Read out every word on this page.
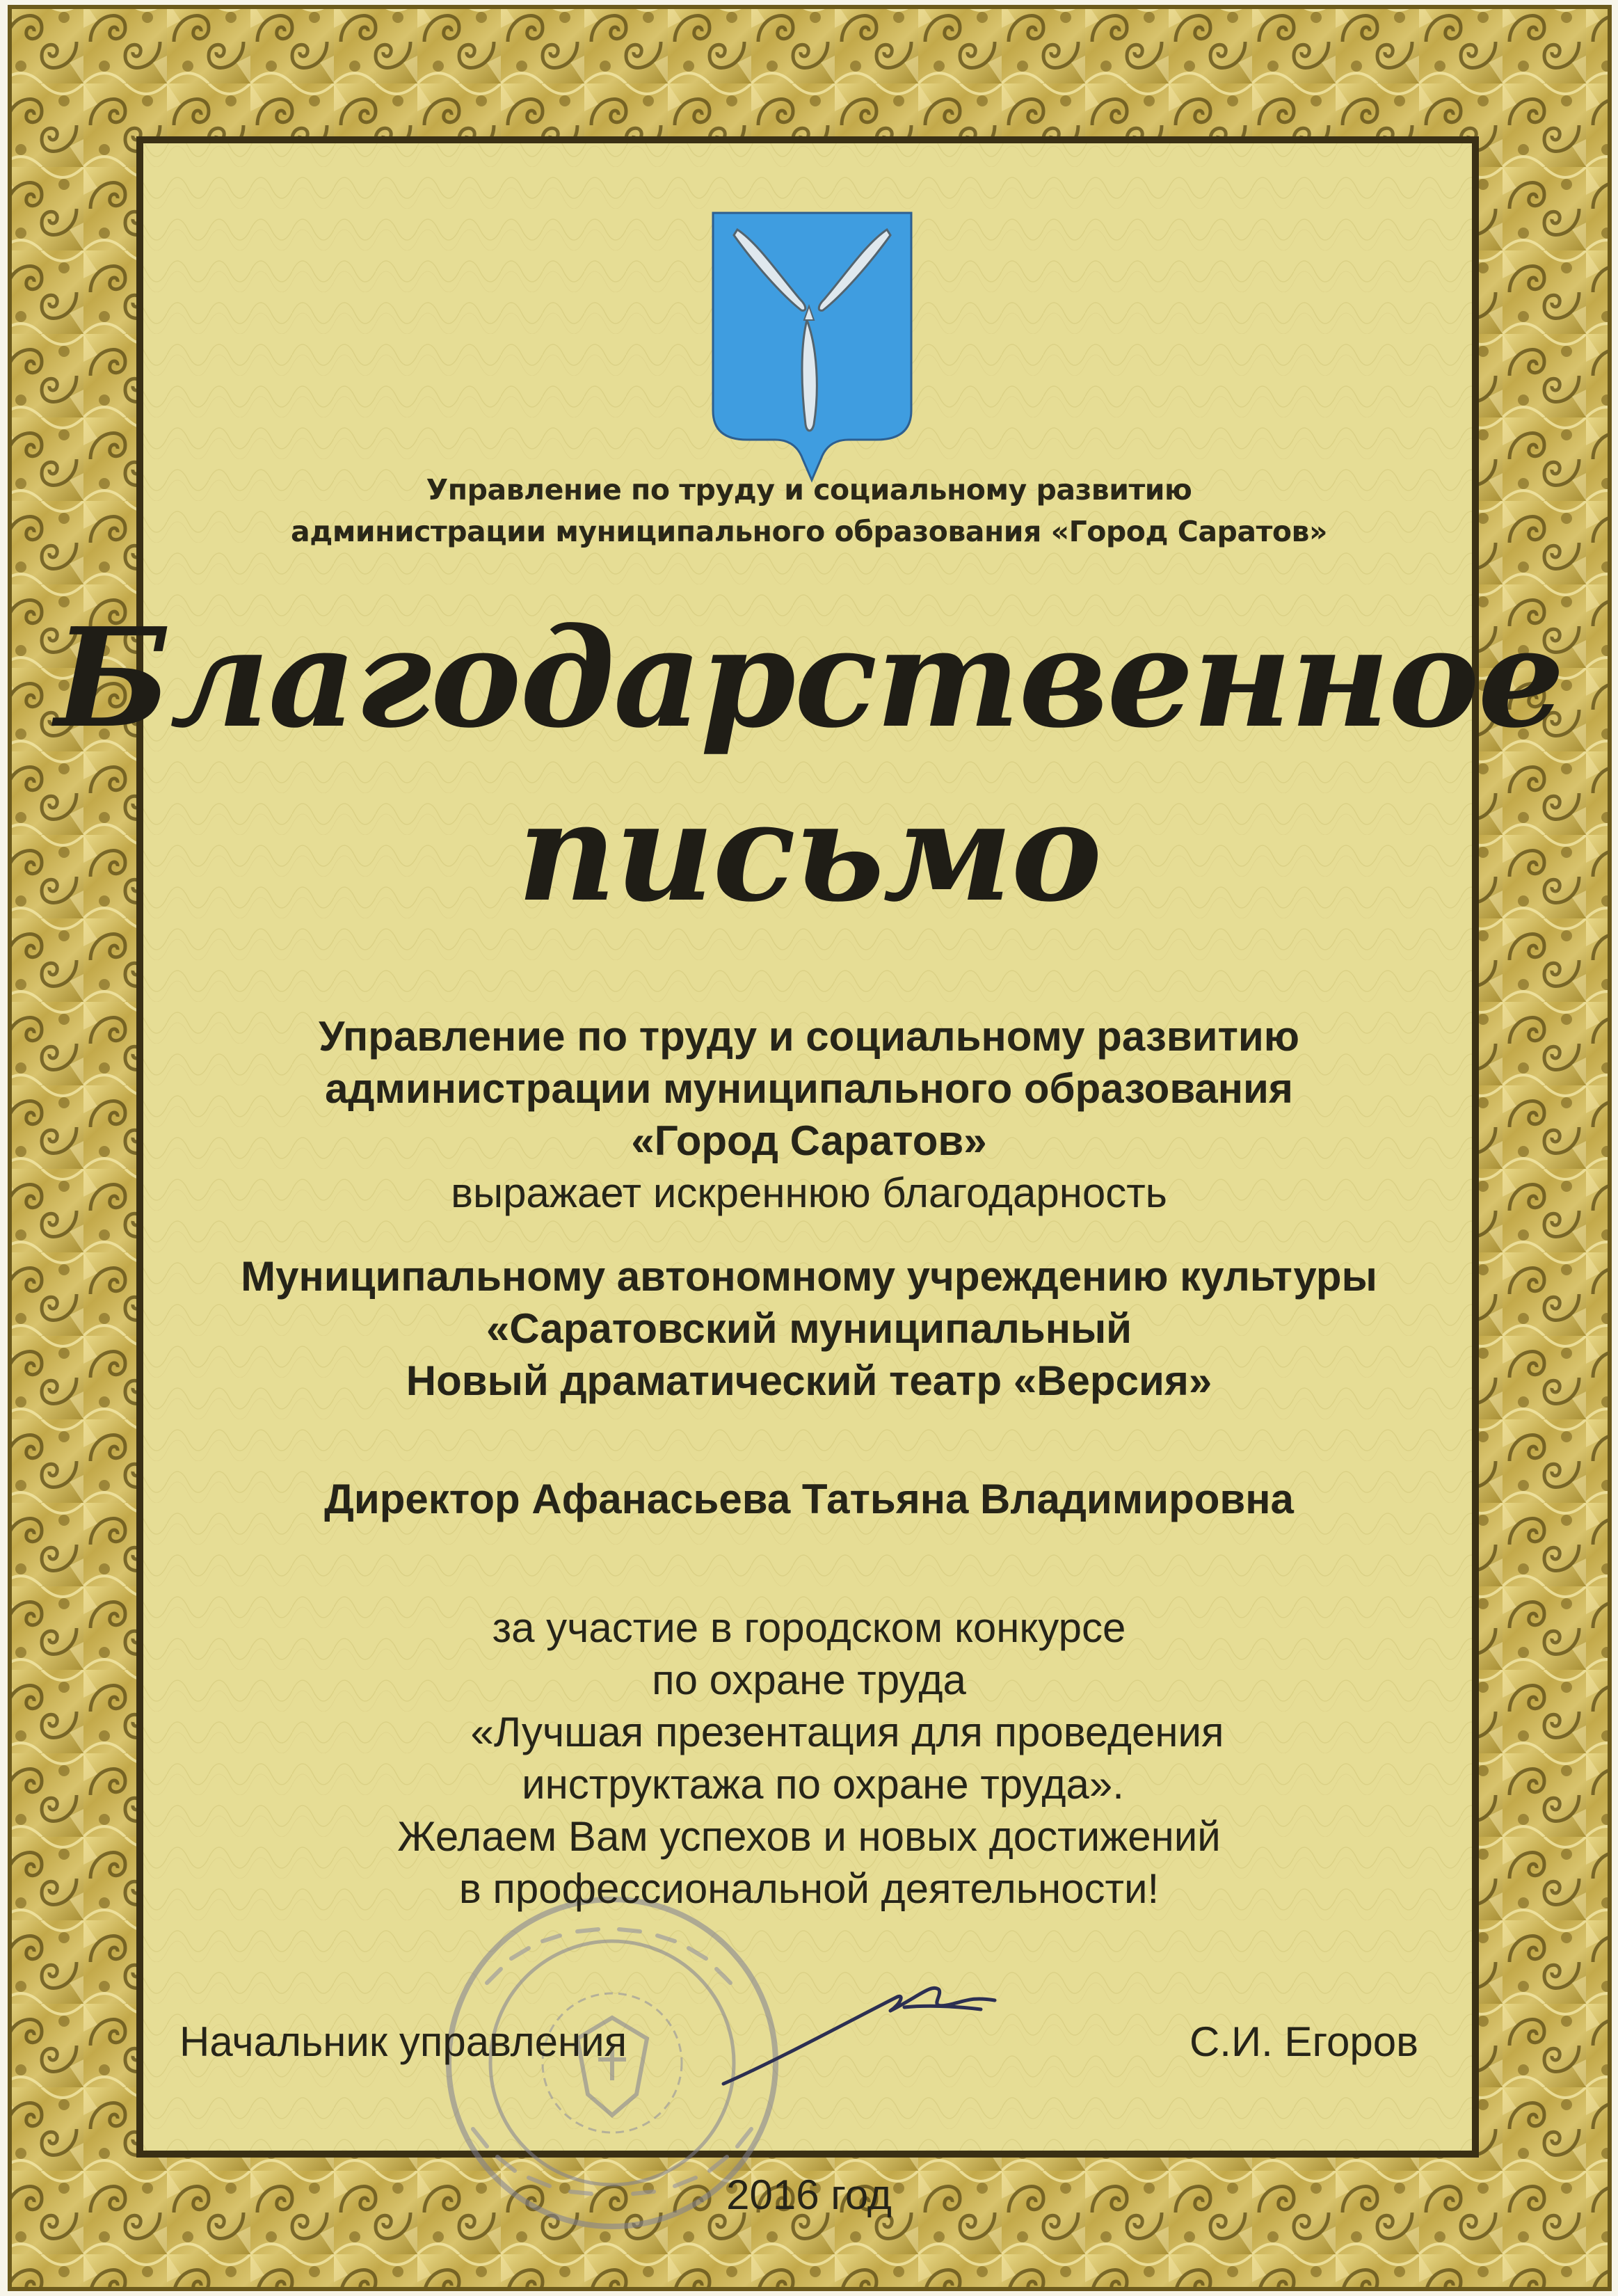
Управление по труду и социальному развитию

администрации муниципального образования «Город Саратов»

Благодарственное

письмо

Управление по труду и социальному развитию

администрации муниципального образования

«Город Саратов»

выражает искреннюю благодарность

Муниципальному автономному учреждению культуры

«Саратовский муниципальный

Новый драматический театр «Версия»

Директор Афанасьева Татьяна Владимировна

за участие в городском конкурсе

по охране труда

«Лучшая презентация для проведения

инструктажа по охране труда».

Желаем Вам успехов и новых достижений

в профессиональной деятельности!

Начальник управления	С.И. Егоров

2016 год
